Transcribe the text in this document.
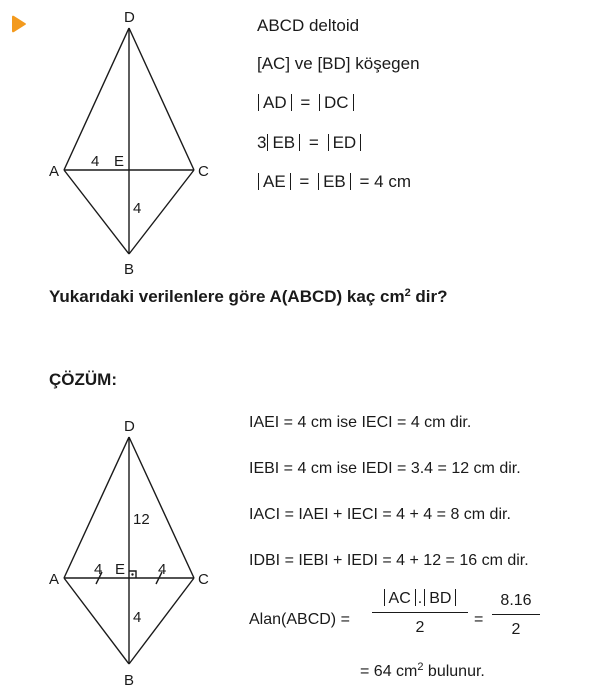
D
A	C
B
E
4
4
ABCD deltoid
[AC] ve [BD] köşegen
AD = DC
3 EB = ED
AE = EB = 4 cm
Yukarıdaki verilenlere göre A(ABCD) kaç $cm^2$ dir?
ÇÖZÜM:
D
A	C
B
E
4	4
12
4
IAEI = 4 cm ise IECI = 4 cm dir.
IEBI = 4 cm ise IEDI = 3.4 = 12 cm dir.
IACI = IAEI + IECI = 4 + 4 = 8 cm dir.
IDBI = IEBI + IEDI = 4 + 12 = 16 cm dir.
Alan(ABCD) =
AC . BD
2	=
8.16
2
= 64 $cm^2$ bulunur.
